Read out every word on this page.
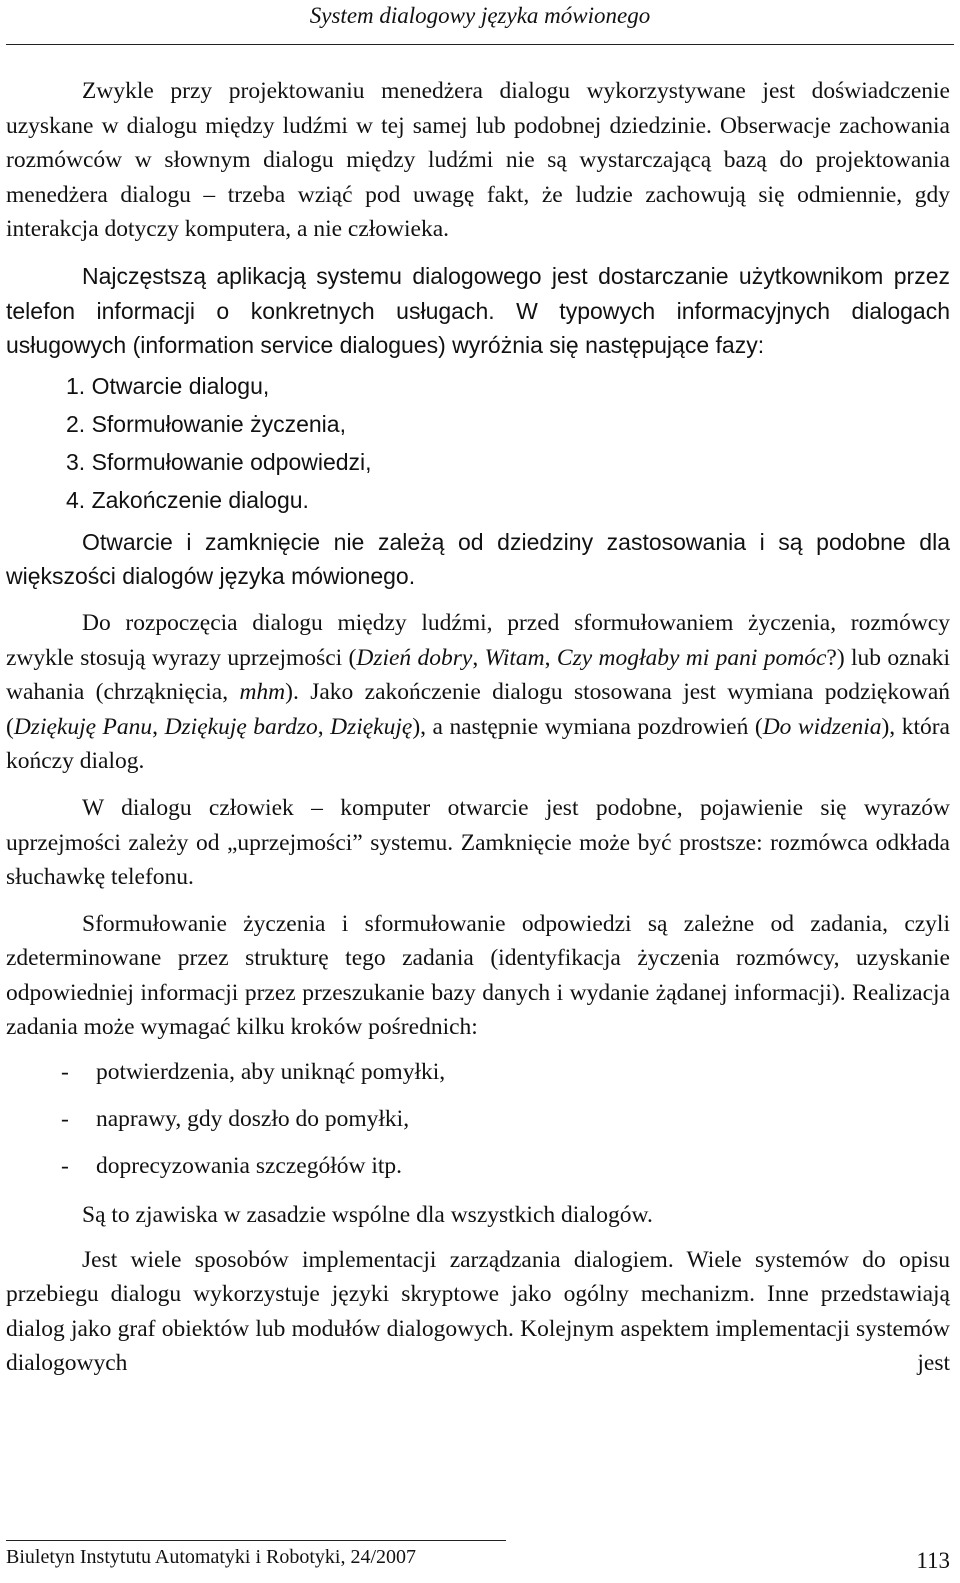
System dialogowy języka mówionego

Zwykle przy projektowaniu menedżera dialogu wykorzystywane jest doświadczenie uzyskane w dialogu między ludźmi w tej samej lub podobnej dziedzinie. Obserwacje zachowania rozmówców w słownym dialogu między ludźmi nie są wystarczającą bazą do projektowania menedżera dialogu – trzeba wziąć pod uwagę fakt, że ludzie zachowują się odmiennie, gdy interakcja dotyczy komputera, a nie człowieka.

Najczęstszą aplikacją systemu dialogowego jest dostarczanie użytkownikom przez telefon informacji o konkretnych usługach. W typowych informacyjnych dialogach usługowych (information service dialogues) wyróżnia się następujące fazy:

1. Otwarcie dialogu,
2. Sformułowanie życzenia,
3. Sformułowanie odpowiedzi,
4. Zakończenie dialogu.

Otwarcie i zamknięcie nie zależą od dziedziny zastosowania i są podobne dla większości dialogów języka mówionego.

Do rozpoczęcia dialogu między ludźmi, przed sformułowaniem życzenia, rozmówcy zwykle stosują wyrazy uprzejmości (Dzień dobry, Witam, Czy mogłaby mi pani pomóc?) lub oznaki wahania (chrząknięcia, mhm). Jako zakończenie dialogu stosowana jest wymiana podziękowań (Dziękuję Panu, Dziękuję bardzo, Dziękuję), a następnie wymiana pozdrowień (Do widzenia), która kończy dialog.

W dialogu człowiek – komputer otwarcie jest podobne, pojawienie się wyrazów uprzejmości zależy od „uprzejmości” systemu. Zamknięcie może być prostsze: rozmówca odkłada słuchawkę telefonu.

Sformułowanie życzenia i sformułowanie odpowiedzi są zależne od zadania, czyli zdeterminowane przez strukturę tego zadania (identyfikacja życzenia rozmówcy, uzyskanie odpowiedniej informacji przez przeszukanie bazy danych i wydanie żądanej informacji). Realizacja zadania może wymagać kilku kroków pośrednich:

-	potwierdzenia, aby uniknąć pomyłki,
-	naprawy, gdy doszło do pomyłki,
-	doprecyzowania szczegółów itp.

Są to zjawiska w zasadzie wspólne dla wszystkich dialogów.

Jest wiele sposobów implementacji zarządzania dialogiem. Wiele systemów do opisu przebiegu dialogu wykorzystuje języki skryptowe jako ogólny mechanizm. Inne przedstawiają dialog jako graf obiektów lub modułów dialogowych. Kolejnym aspektem implementacji systemów dialogowych jest

Biuletyn Instytutu Automatyki i Robotyki, 24/2007	113
